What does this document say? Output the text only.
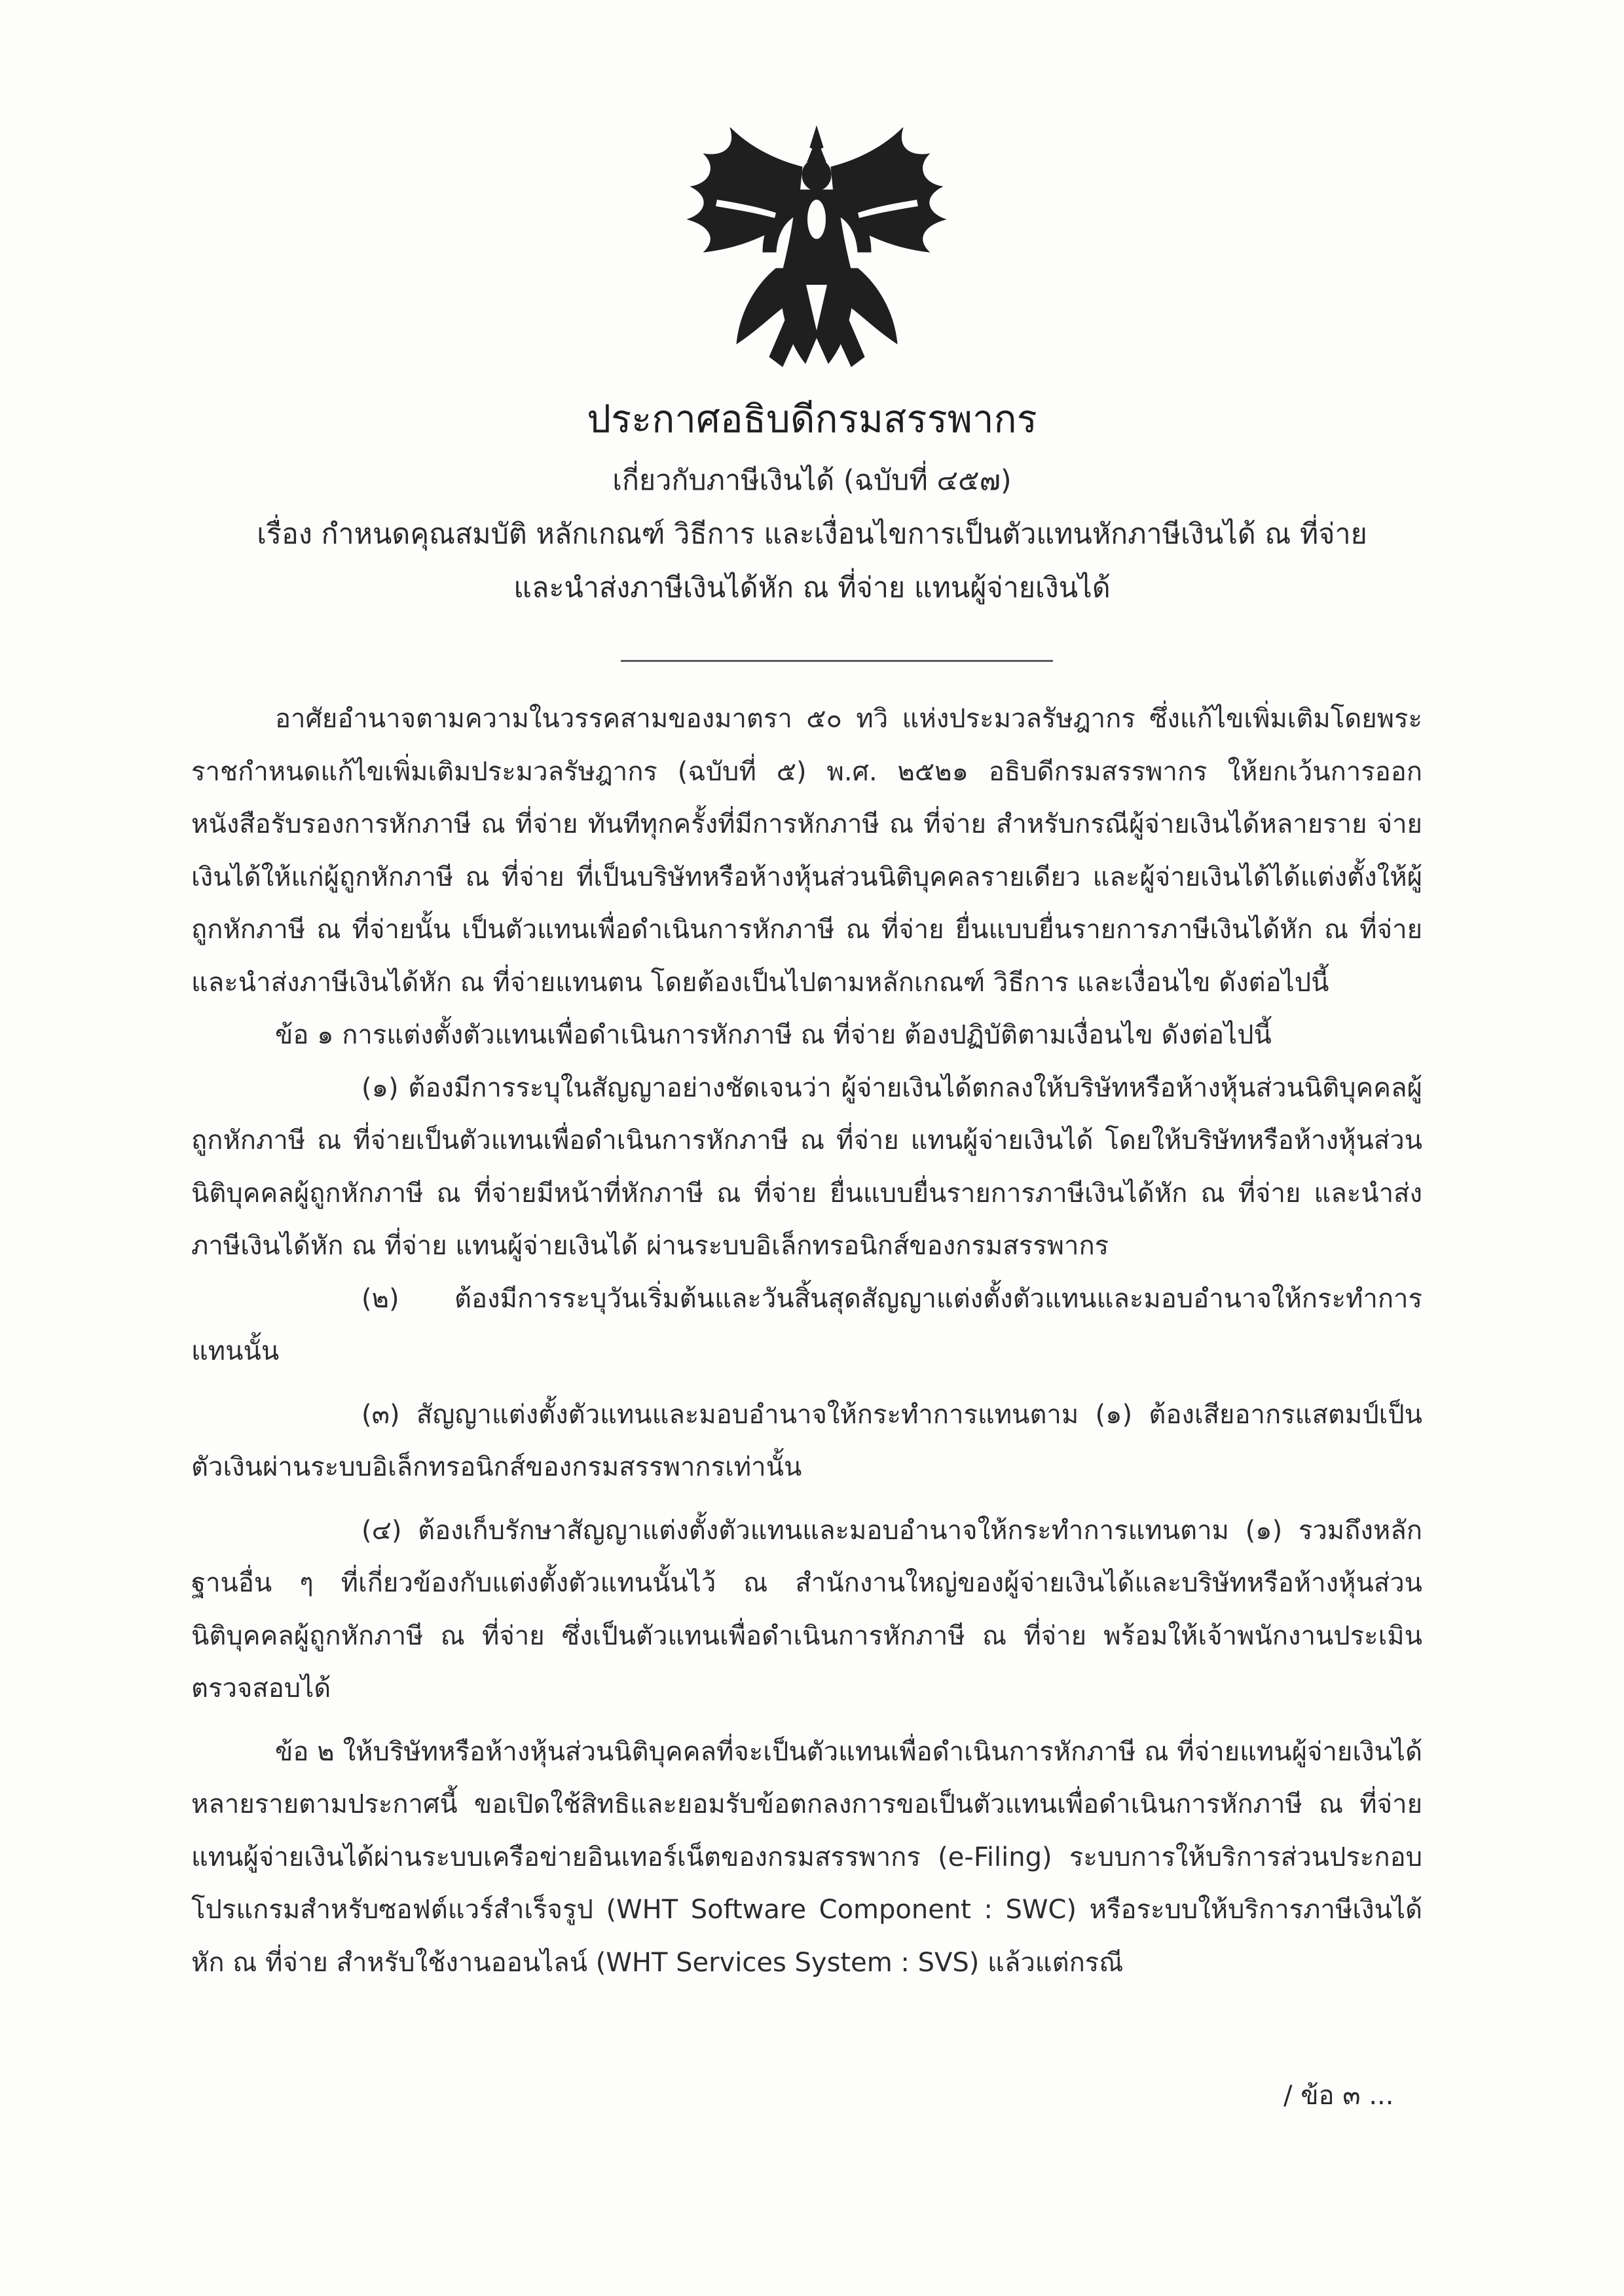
ประกาศอธิบดีกรมสรรพากร
เกี่ยวกับภาษีเงินได้ (ฉบับที่ ๔๕๗)
เรื่อง กำหนดคุณสมบัติ หลักเกณฑ์ วิธีการ และเงื่อนไขการเป็นตัวแทนหักภาษีเงินได้ ณ ที่จ่าย
และนำส่งภาษีเงินได้หัก ณ ที่จ่าย แทนผู้จ่ายเงินได้

อาศัยอำนาจตามความในวรรคสามของมาตรา ๕๐ ทวิ แห่งประมวลรัษฎากร ซึ่งแก้ไขเพิ่มเติมโดยพระราชกำหนดแก้ไขเพิ่มเติมประมวลรัษฎากร (ฉบับที่ ๕) พ.ศ. ๒๕๒๑ อธิบดีกรมสรรพากร ให้ยกเว้นการออกหนังสือรับรองการหักภาษี ณ ที่จ่าย ทันทีทุกครั้งที่มีการหักภาษี ณ ที่จ่าย สำหรับกรณีผู้จ่ายเงินได้หลายราย จ่ายเงินได้ให้แก่ผู้ถูกหักภาษี ณ ที่จ่าย ที่เป็นบริษัทหรือห้างหุ้นส่วนนิติบุคคลรายเดียว และผู้จ่ายเงินได้ได้แต่งตั้งให้ผู้ถูกหักภาษี ณ ที่จ่ายนั้น เป็นตัวแทนเพื่อดำเนินการหักภาษี ณ ที่จ่าย ยื่นแบบยื่นรายการภาษีเงินได้หัก ณ ที่จ่าย และนำส่งภาษีเงินได้หัก ณ ที่จ่ายแทนตน โดยต้องเป็นไปตามหลักเกณฑ์ วิธีการ และเงื่อนไข ดังต่อไปนี้

ข้อ ๑ การแต่งตั้งตัวแทนเพื่อดำเนินการหักภาษี ณ ที่จ่าย ต้องปฏิบัติตามเงื่อนไข ดังต่อไปนี้

(๑) ต้องมีการระบุในสัญญาอย่างชัดเจนว่า ผู้จ่ายเงินได้ตกลงให้บริษัทหรือห้างหุ้นส่วนนิติบุคคลผู้ถูกหักภาษี ณ ที่จ่ายเป็นตัวแทนเพื่อดำเนินการหักภาษี ณ ที่จ่าย แทนผู้จ่ายเงินได้ โดยให้บริษัทหรือห้างหุ้นส่วนนิติบุคคลผู้ถูกหักภาษี ณ ที่จ่ายมีหน้าที่หักภาษี ณ ที่จ่าย ยื่นแบบยื่นรายการภาษีเงินได้หัก ณ ที่จ่าย และนำส่งภาษีเงินได้หัก ณ ที่จ่าย แทนผู้จ่ายเงินได้ ผ่านระบบอิเล็กทรอนิกส์ของกรมสรรพากร

(๒) ต้องมีการระบุวันเริ่มต้นและวันสิ้นสุดสัญญาแต่งตั้งตัวแทนและมอบอำนาจให้กระทำการแทนนั้น

(๓) สัญญาแต่งตั้งตัวแทนและมอบอำนาจให้กระทำการแทนตาม (๑) ต้องเสียอากรแสตมป์เป็นตัวเงินผ่านระบบอิเล็กทรอนิกส์ของกรมสรรพากรเท่านั้น

(๔) ต้องเก็บรักษาสัญญาแต่งตั้งตัวแทนและมอบอำนาจให้กระทำการแทนตาม (๑) รวมถึงหลักฐานอื่น ๆ ที่เกี่ยวข้องกับแต่งตั้งตัวแทนนั้นไว้ ณ สำนักงานใหญ่ของผู้จ่ายเงินได้และบริษัทหรือห้างหุ้นส่วนนิติบุคคลผู้ถูกหักภาษี ณ ที่จ่าย ซึ่งเป็นตัวแทนเพื่อดำเนินการหักภาษี ณ ที่จ่าย พร้อมให้เจ้าพนักงานประเมินตรวจสอบได้

ข้อ ๒ ให้บริษัทหรือห้างหุ้นส่วนนิติบุคคลที่จะเป็นตัวแทนเพื่อดำเนินการหักภาษี ณ ที่จ่ายแทนผู้จ่ายเงินได้หลายรายตามประกาศนี้ ขอเปิดใช้สิทธิและยอมรับข้อตกลงการขอเป็นตัวแทนเพื่อดำเนินการหักภาษี ณ ที่จ่าย แทนผู้จ่ายเงินได้ผ่านระบบเครือข่ายอินเทอร์เน็ตของกรมสรรพากร (e-Filing) ระบบการให้บริการส่วนประกอบโปรแกรมสำหรับซอฟต์แวร์สำเร็จรูป (WHT Software Component : SWC) หรือระบบให้บริการภาษีเงินได้หัก ณ ที่จ่าย สำหรับใช้งานออนไลน์ (WHT Services System : SVS) แล้วแต่กรณี

/ ข้อ ๓ ...
